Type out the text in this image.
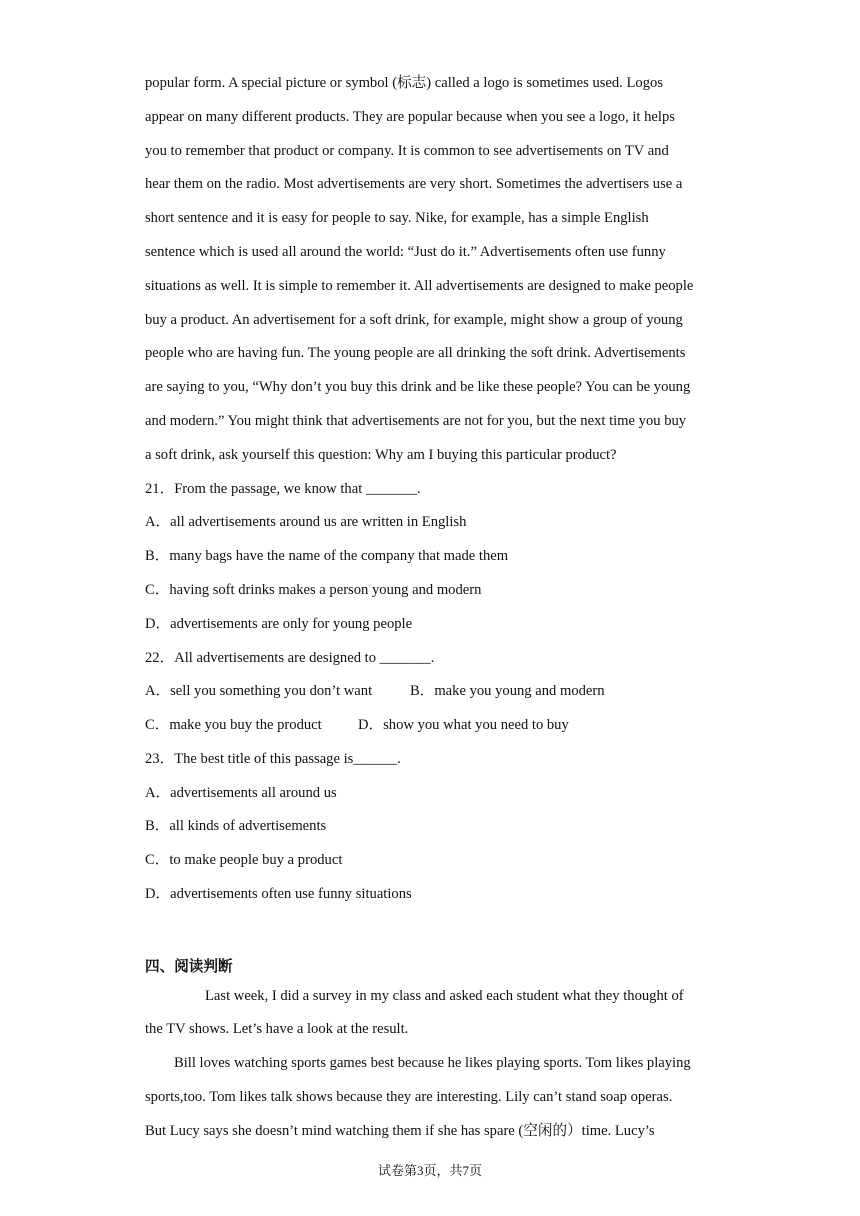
popular form. A special picture or symbol (标志) called a logo is sometimes used. Logos
appear on many different products. They are popular because when you see a logo, it helps
you to remember that product or company. It is common to see advertisements on TV and
hear them on the radio. Most advertisements are very short. Sometimes the advertisers use a
short sentence and it is easy for people to say. Nike, for example, has a simple English
sentence which is used all around the world: “Just do it.” Advertisements often use funny
situations as well. It is simple to remember it. All advertisements are designed to make people
buy a product. An advertisement for a soft drink, for example, might show a group of young
people who are having fun. The young people are all drinking the soft drink. Advertisements
are saying to you, “Why don’t you buy this drink and be like these people? You can be young
and modern.” You might think that advertisements are not for you, but the next time you buy
a soft drink, ask yourself this question: Why am I buying this particular product?
21．From the passage, we know that _______.
A．all advertisements around us are written in English
B．many bags have the name of the company that made them
C．having soft drinks makes a person young and modern
D．advertisements are only for young people
22．All advertisements are designed to _______.
A．sell you something you don’t want	B．make you young and modern
C．make you buy the product	D．show you what you need to buy
23．The best title of this passage is______.
A．advertisements all around us
B．all kinds of advertisements
C．to make people buy a product
D．advertisements often use funny situations
四、阅读判断
Last week, I did a survey in my class and asked each student what they thought of
the TV shows. Let’s have a look at the result.
Bill loves watching sports games best because he likes playing sports. Tom likes playing
sports,too. Tom likes talk shows because they are interesting. Lily can’t stand soap operas.
But Lucy says she doesn’t mind watching them if she has spare (空闲的）time. Lucy’s
试卷第3页，共7页
